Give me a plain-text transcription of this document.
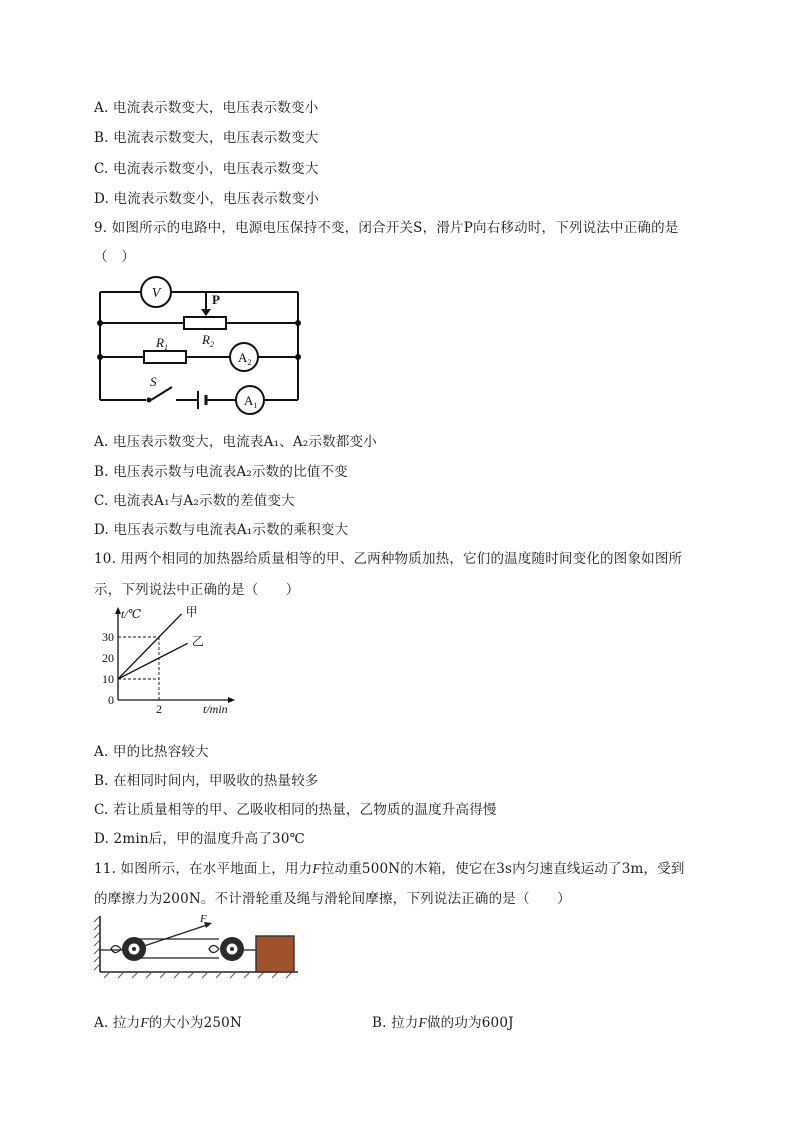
A. 电流表示数变大，电压表示数变小
B. 电流表示数变大，电压表示数变大
C. 电流表示数变小，电压表示数变大
D. 电流表示数变小，电压表示数变小
9. 如图所示的电路中，电源电压保持不变，闭合开关S，滑片P向右移动时，下列说法中正确的是
（　）
V	P
$R_2$
$R_1$
$A_2$
S
$A_1$
A. 电压表示数变大，电流表A₁、A₂示数都变小
B. 电压表示数与电流表A₂示数的比值不变
C. 电流表A₁与A₂示数的差值变大
D. 电压表示数与电流表A₁示数的乘积变大
10. 用两个相同的加热器给质量相等的甲、乙两种物质加热，它们的温度随时间变化的图象如图所
示，下列说法中正确的是（　　）
0
10
20
30
2
甲
乙
t/℃
t/min
A. 甲的比热容较大
B. 在相同时间内，甲吸收的热量较多
C. 若让质量相等的甲、乙吸收相同的热量，乙物质的温度升高得慢
D. 2min后，甲的温度升高了30℃
11. 如图所示，在水平地面上，用力F拉动重500N的木箱，使它在3s内匀速直线运动了3m，受到
的摩擦力为200N。不计滑轮重及绳与滑轮间摩擦，下列说法正确的是（　　）
F
A. 拉力F的大小为250N	B. 拉力F做的功为600J
